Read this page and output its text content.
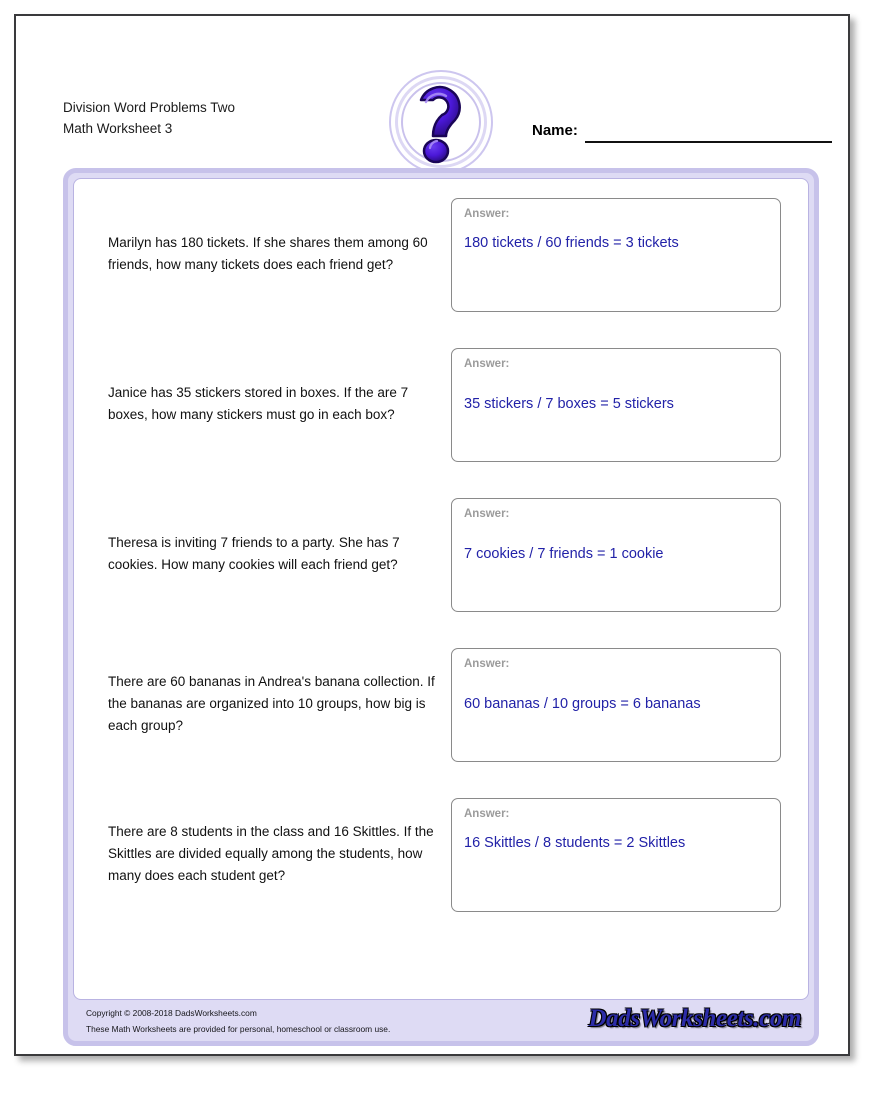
Division Word Problems Two
Math Worksheet 3	Name:
Marilyn has 180 tickets. If she shares them among 60 friends, how many tickets does each friend get?
Answer:
180 tickets / 60 friends = 3 tickets
Janice has 35 stickers stored in boxes. If the are 7 boxes, how many stickers must go in each box?
Answer:
35 stickers / 7 boxes = 5 stickers
Theresa is inviting 7 friends to a party. She has 7 cookies. How many cookies will each friend get?
Answer:
7 cookies / 7 friends = 1 cookie
There are 60 bananas in Andrea's banana collection. If the bananas are organized into 10 groups, how big is each group?
Answer:
60 bananas / 10 groups = 6 bananas
There are 8 students in the class and 16 Skittles. If the Skittles are divided equally among the students, how many does each student get?
Answer:
16 Skittles / 8 students = 2 Skittles
Copyright © 2008-2018 DadsWorksheets.com
These Math Worksheets are provided for personal, homeschool or classroom use.	DadsWorksheets.com
